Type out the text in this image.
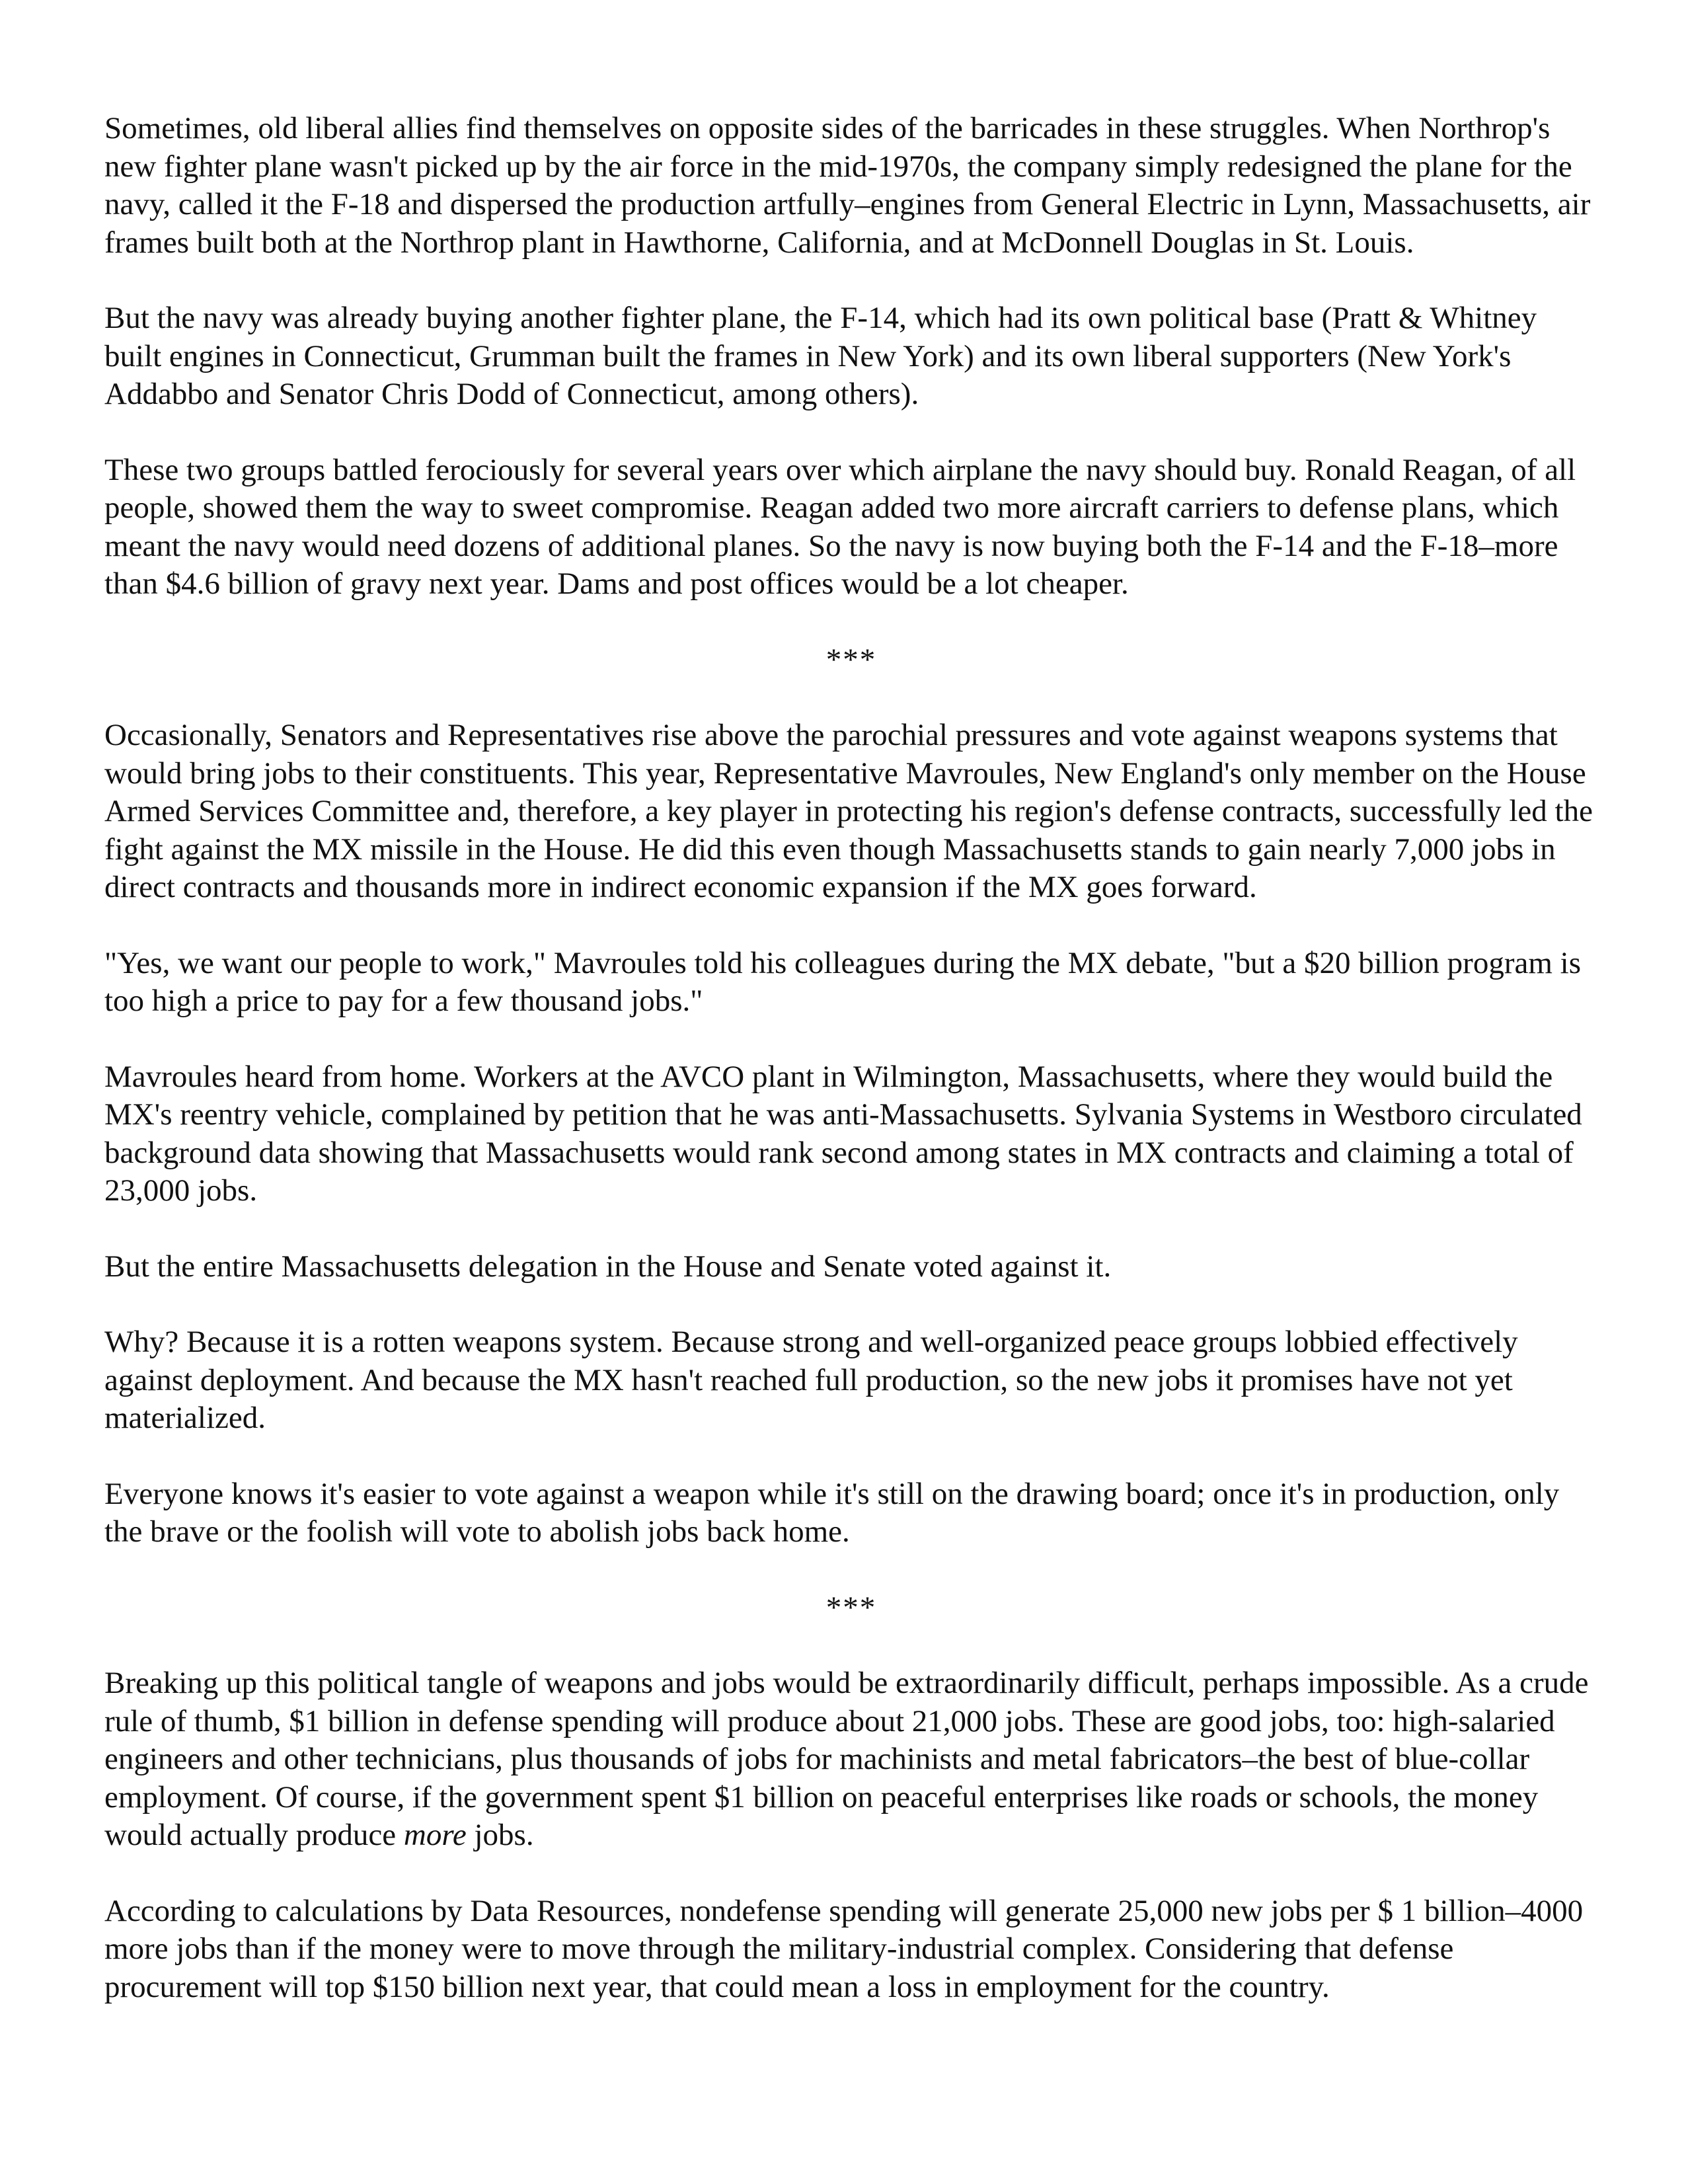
Sometimes, old liberal allies find themselves on opposite sides of the barricades in these struggles. When Northrop's new fighter plane wasn't picked up by the air force in the mid-1970s, the company simply redesigned the plane for the navy, called it the F-18 and dispersed the production artfully–engines from General Electric in Lynn, Massachusetts, air frames built both at the Northrop plant in Hawthorne, California, and at McDonnell Douglas in St. Louis.

But the navy was already buying another fighter plane, the F-14, which had its own political base (Pratt & Whitney built engines in Connecticut, Grumman built the frames in New York) and its own liberal supporters (New York's Addabbo and Senator Chris Dodd of Connecticut, among others).

These two groups battled ferociously for several years over which airplane the navy should buy. Ronald Reagan, of all people, showed them the way to sweet compromise. Reagan added two more aircraft carriers to defense plans, which meant the navy would need dozens of additional planes. So the navy is now buying both the F-14 and the F-18–more than $4.6 billion of gravy next year. Dams and post offices would be a lot cheaper.

***

Occasionally, Senators and Representatives rise above the parochial pressures and vote against weapons systems that would bring jobs to their constituents. This year, Representative Mavroules, New England's only member on the House Armed Services Committee and, therefore, a key player in protecting his region's defense contracts, successfully led the fight against the MX missile in the House. He did this even though Massachusetts stands to gain nearly 7,000 jobs in direct contracts and thousands more in indirect economic expansion if the MX goes forward.

"Yes, we want our people to work," Mavroules told his colleagues during the MX debate, "but a $20 billion program is too high a price to pay for a few thousand jobs."

Mavroules heard from home. Workers at the AVCO plant in Wilmington, Massachusetts, where they would build the MX's reentry vehicle, complained by petition that he was anti-Massachusetts. Sylvania Systems in Westboro circulated background data showing that Massachusetts would rank second among states in MX contracts and claiming a total of 23,000 jobs.

But the entire Massachusetts delegation in the House and Senate voted against it.

Why? Because it is a rotten weapons system. Because strong and well-organized peace groups lobbied effectively against deployment. And because the MX hasn't reached full production, so the new jobs it promises have not yet materialized.

Everyone knows it's easier to vote against a weapon while it's still on the drawing board; once it's in production, only the brave or the foolish will vote to abolish jobs back home.

***

Breaking up this political tangle of weapons and jobs would be extraordinarily difficult, perhaps impossible. As a crude rule of thumb, $1 billion in defense spending will produce about 21,000 jobs. These are good jobs, too: high-salaried engineers and other technicians, plus thousands of jobs for machinists and metal fabricators–the best of blue-collar employment. Of course, if the government spent $1 billion on peaceful enterprises like roads or schools, the money would actually produce more jobs.

According to calculations by Data Resources, nondefense spending will generate 25,000 new jobs per $ 1 billion–4000 more jobs than if the money were to move through the military-industrial complex. Considering that defense procurement will top $150 billion next year, that could mean a loss in employment for the country.
